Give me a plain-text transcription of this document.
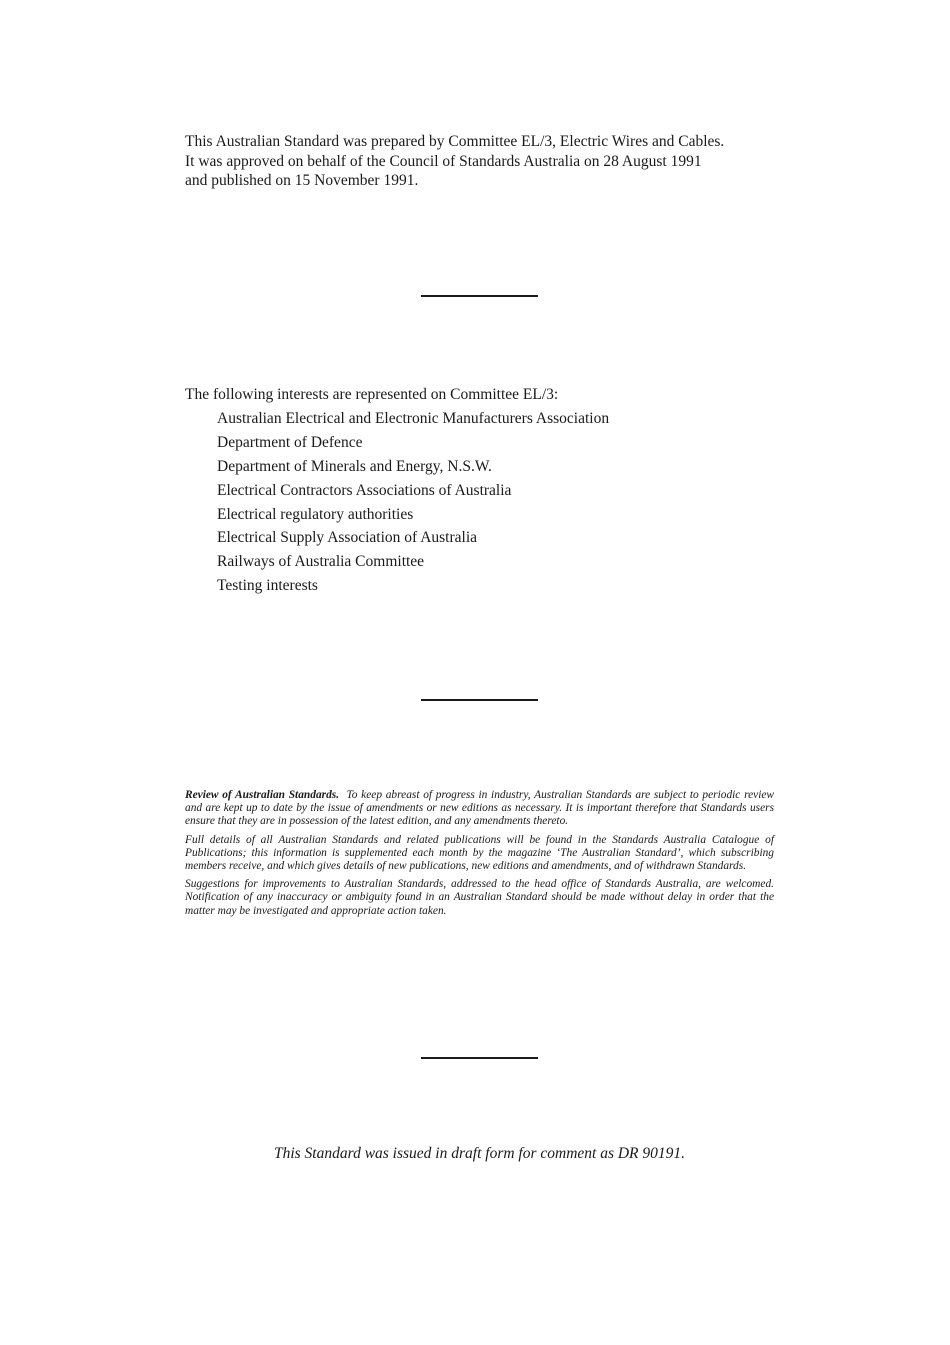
This Australian Standard was prepared by Committee EL/3, Electric Wires and Cables.
It was approved on behalf of the Council of Standards Australia on 28 August 1991
and published on 15 November 1991.
The following interests are represented on Committee EL/3:
Australian Electrical and Electronic Manufacturers Association
Department of Defence
Department of Minerals and Energy, N.S.W.
Electrical Contractors Associations of Australia
Electrical regulatory authorities
Electrical Supply Association of Australia
Railways of Australia Committee
Testing interests

Review of Australian Standards. To keep abreast of progress in industry, Australian Standards are subject to periodic review and are kept up to date by the issue of amendments or new editions as necessary. It is important therefore that Standards users ensure that they are in possession of the latest edition, and any amendments thereto.

Full details of all Australian Standards and related publications will be found in the Standards Australia Catalogue of Publications; this information is supplemented each month by the magazine ‘The Australian Standard’, which subscribing members receive, and which gives details of new publications, new editions and amendments, and of withdrawn Standards.

Suggestions for improvements to Australian Standards, addressed to the head office of Standards Australia, are welcomed. Notification of any inaccuracy or ambiguity found in an Australian Standard should be made without delay in order that the matter may be investigated and appropriate action taken.

This Standard was issued in draft form for comment as DR 90191.
